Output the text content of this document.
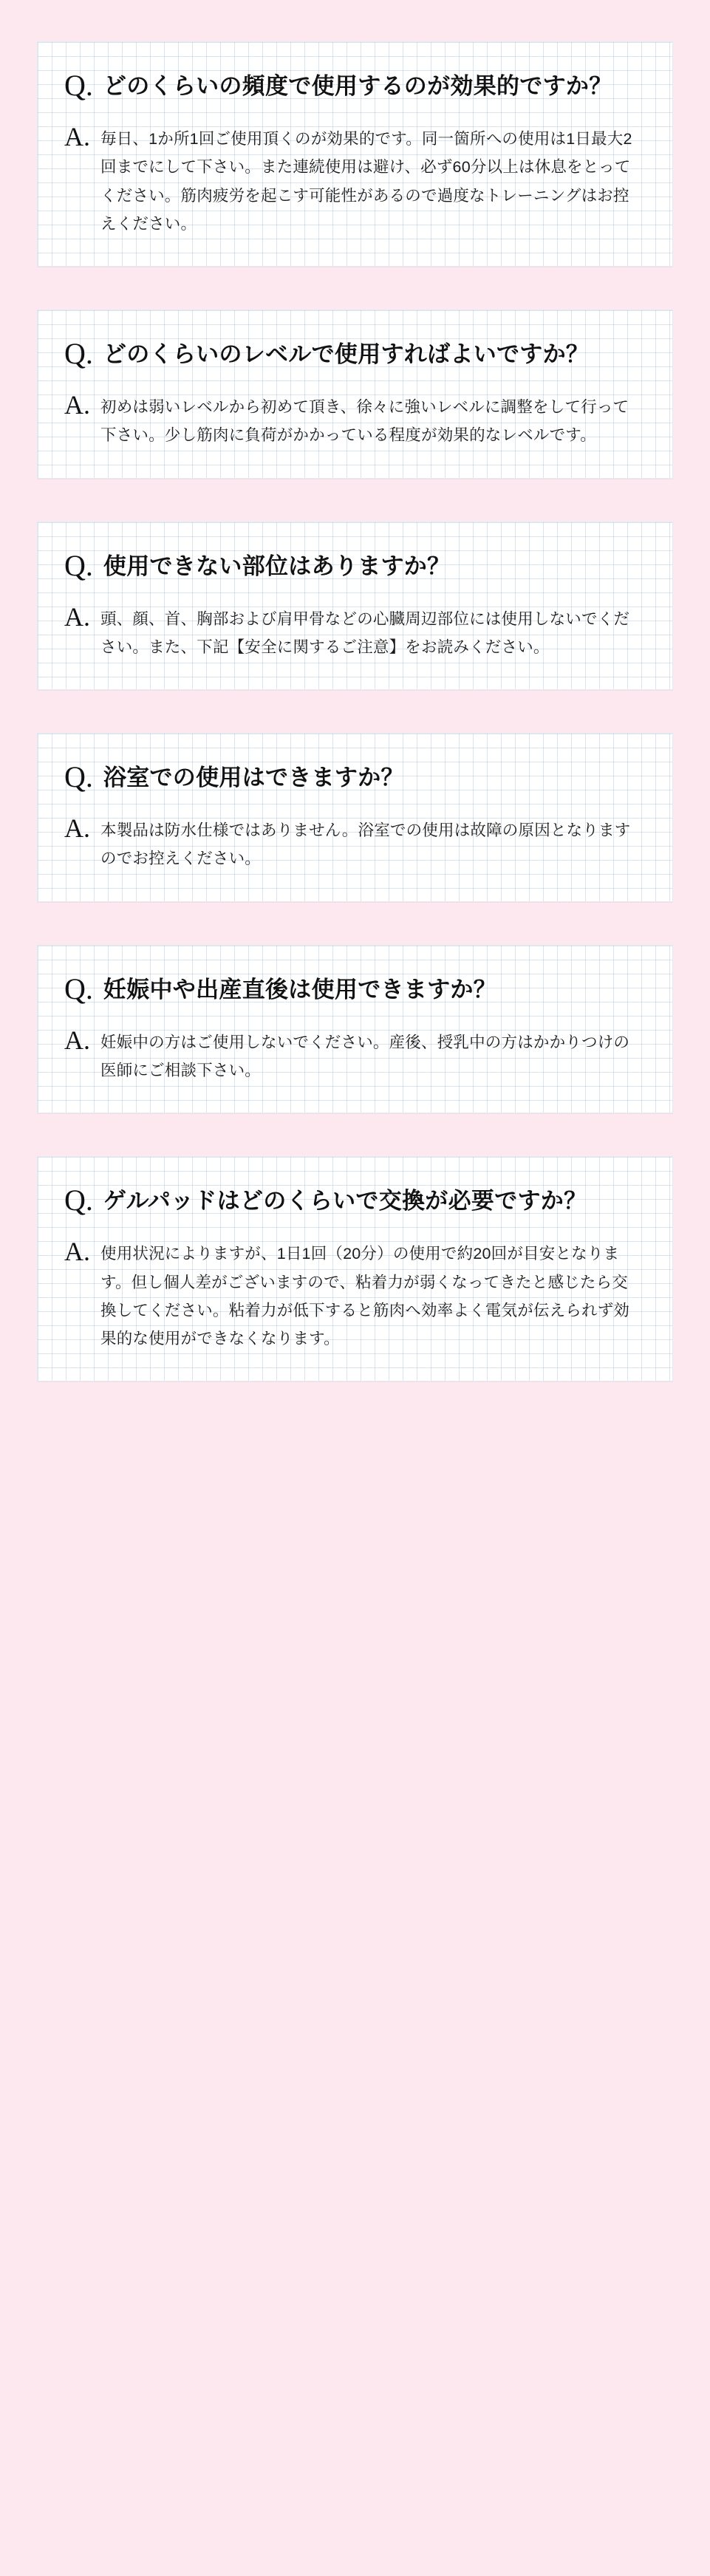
Q. どのくらいの頻度で使用するのが効果的ですか？
A. 毎日、1か所1回ご使用頂くのが効果的です。同一箇所への使用は1日最大2回までにして下さい。また連続使用は避け、必ず60分以上は休息をとってください。筋肉疲労を起こす可能性があるので過度なトレーニングはお控えください。
Q. どのくらいのレベルで使用すればよいですか？
A. 初めは弱いレベルから初めて頂き、徐々に強いレベルに調整をして行って下さい。少し筋肉に負荷がかかっている程度が効果的なレベルです。
Q. 使用できない部位はありますか？
A. 頭、顔、首、胸部および肩甲骨などの心臓周辺部位には使用しないでください。また、下記【安全に関するご注意】をお読みください。
Q. 浴室での使用はできますか？
A. 本製品は防水仕様ではありません。浴室での使用は故障の原因となりますのでお控えください。
Q. 妊娠中や出産直後は使用できますか？
A. 妊娠中の方はご使用しないでください。産後、授乳中の方はかかりつけの医師にご相談下さい。
Q. ゲルパッドはどのくらいで交換が必要ですか？
A. 使用状況によりますが、1日1回（20分）の使用で約20回が目安となります。但し個人差がございますので、粘着力が弱くなってきたと感じたら交換してください。粘着力が低下すると筋肉へ効率よく電気が伝えられず効果的な使用ができなくなります。
